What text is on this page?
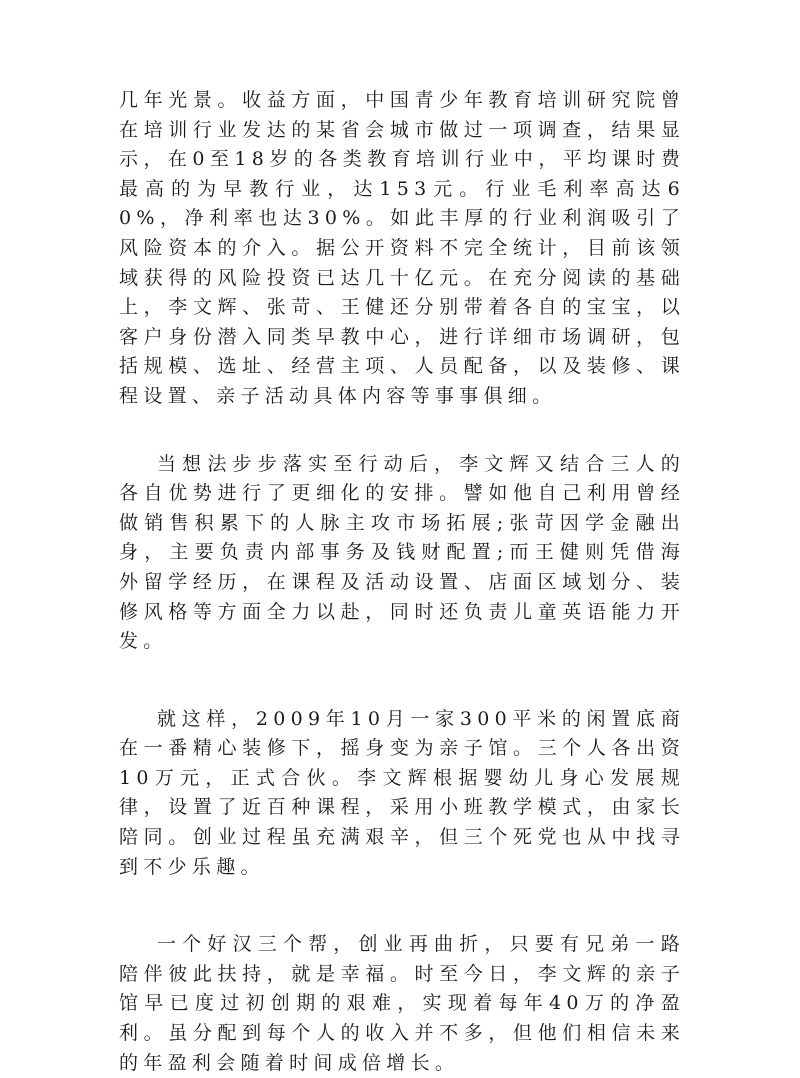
几年光景。收益方面，中国青少年教育培训研究院曾在培训行业发达的某省会城市做过一项调查，结果显示，在0至18岁的各类教育培训行业中，平均课时费最高的为早教行业，达153元。行业毛利率高达60%，净利率也达30%。如此丰厚的行业利润吸引了风险资本的介入。据公开资料不完全统计，目前该领域获得的风险投资已达几十亿元。在充分阅读的基础上，李文辉、张苛、王健还分别带着各自的宝宝，以客户身份潜入同类早教中心，进行详细市场调研，包括规模、选址、经营主项、人员配备，以及装修、课程设置、亲子活动具体内容等事事俱细。

当想法步步落实至行动后，李文辉又结合三人的各自优势进行了更细化的安排。譬如他自己利用曾经做销售积累下的人脉主攻市场拓展;张苛因学金融出身，主要负责内部事务及钱财配置;而王健则凭借海外留学经历，在课程及活动设置、店面区域划分、装修风格等方面全力以赴，同时还负责儿童英语能力开发。

就这样，2009年10月一家300平米的闲置底商在一番精心装修下，摇身变为亲子馆。三个人各出资10万元，正式合伙。李文辉根据婴幼儿身心发展规律，设置了近百种课程，采用小班教学模式，由家长陪同。创业过程虽充满艰辛，但三个死党也从中找寻到不少乐趣。

一个好汉三个帮，创业再曲折，只要有兄弟一路陪伴彼此扶持，就是幸福。时至今日，李文辉的亲子馆早已度过初创期的艰难，实现着每年40万的净盈利。虽分配到每个人的收入并不多，但他们相信未来的年盈利会随着时间成倍增长。
